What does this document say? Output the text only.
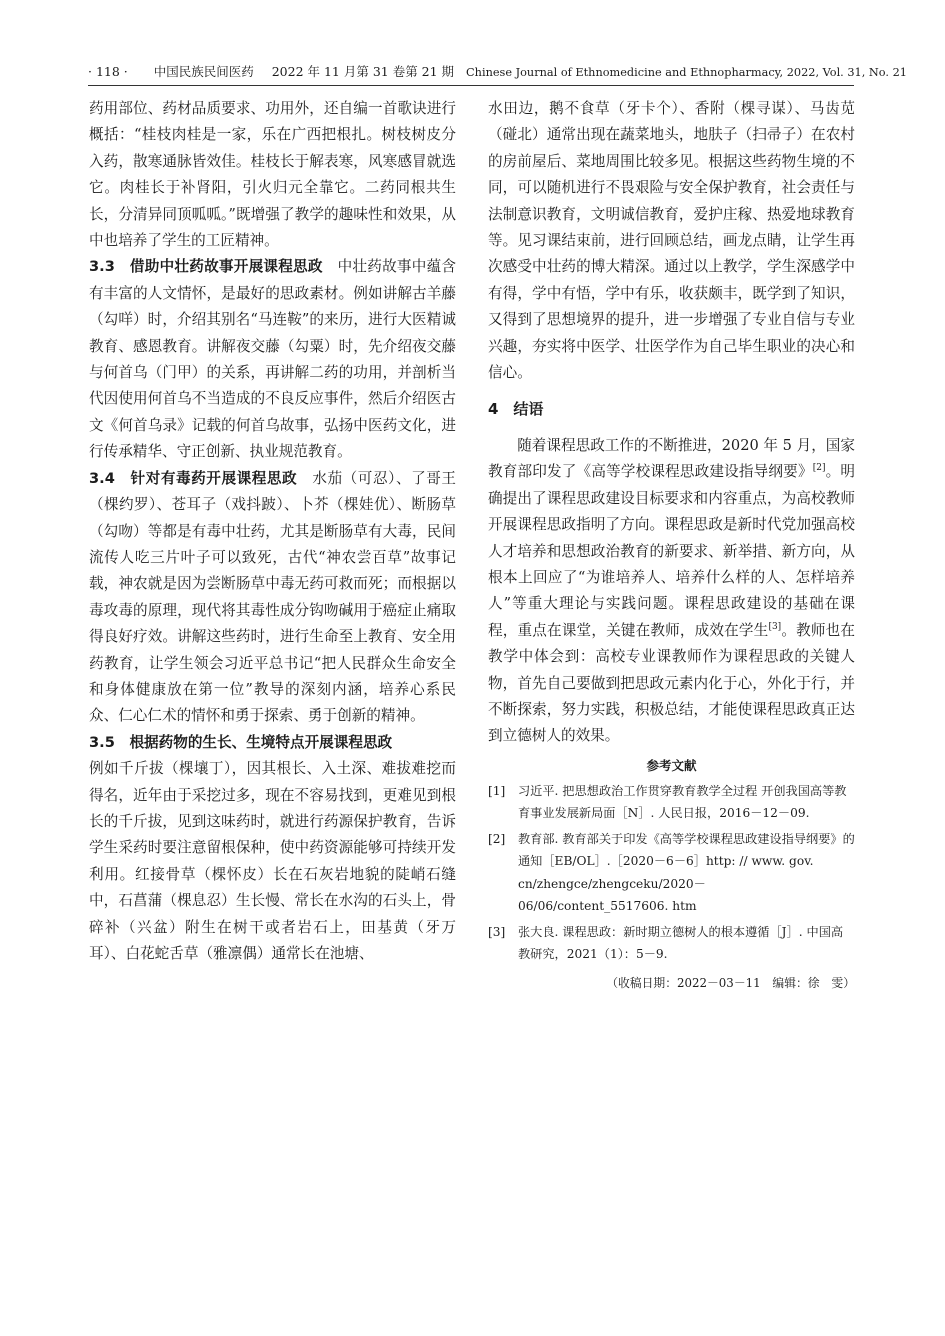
· 118 · 中国民族民间医药 2022 年 11 月第 31 卷第 21 期 Chinese Journal of Ethnomedicine and Ethnopharmacy, 2022, Vol. 31, No. 21

药用部位、药材品质要求、功用外，还自编一首歌诀进行概括：“桂枝肉桂是一家，乐在广西把根扎。树枝树皮分入药，散寒通脉皆效佳。桂枝长于解表寒，风寒感冒就选它。肉桂长于补肾阳，引火归元全靠它。二药同根共生长，分清异同顶呱呱。”既增强了教学的趣味性和效果，从中也培养了学生的工匠精神。

3.3　借助中壮药故事开展课程思政　 中壮药故事中蕴含有丰富的人文情怀，是最好的思政素材。例如讲解古羊藤（勾咩）时，介绍其别名“马连鞍”的来历，进行大医精诚教育、感恩教育。讲解夜交藤（勾粟）时，先介绍夜交藤与何首乌（门甲）的关系，再讲解二药的功用，并剖析当代因使用何首乌不当造成的不良反应事件，然后介绍医古文《何首乌录》记载的何首乌故事，弘扬中医药文化，进行传承精华、守正创新、执业规范教育。

3.4　针对有毒药开展课程思政　 水茄（可忍）、了哥王（棵约罗）、苍耳子（戏抖跛）、卜芥（棵娃优）、断肠草（勾吻）等都是有毒中壮药，尤其是断肠草有大毒，民间流传人吃三片叶子可以致死，古代“神农尝百草”故事记载，神农就是因为尝断肠草中毒无药可救而死；而根据以毒攻毒的原理，现代将其毒性成分钩吻碱用于癌症止痛取得良好疗效。讲解这些药时，进行生命至上教育、安全用药教育，让学生领会习近平总书记“把人民群众生命安全和身体健康放在第一位”教导的深刻内涵，培养心系民众、仁心仁术的情怀和勇于探索、勇于创新的精神。

3.5　根据药物的生长、生境特点开展课程思政

例如千斤拔（棵壤丁），因其根长、入土深、难拔难挖而得名，近年由于采挖过多，现在不容易找到，更难见到根长的千斤拔，见到这味药时，就进行药源保护教育，告诉学生采药时要注意留根保种，使中药资源能够可持续开发利用。红接骨草（棵怀皮）长在石灰岩地貌的陡峭石缝中，石菖蒲（棵息忍）生长慢、常长在水沟的石头上，骨碎补（兴盆）附生在树干或者岩石上，田基黄（牙万耳）、白花蛇舌草（雅凛偶）通常长在池塘、

水田边，鹅不食草（牙卡个）、香附（棵寻谋）、马齿苋（碰北）通常出现在蔬菜地头，地肤子（扫帚子）在农村的房前屋后、菜地周围比较多见。根据这些药物生境的不同，可以随机进行不畏艰险与安全保护教育，社会责任与法制意识教育，文明诚信教育，爱护庄稼、热爱地球教育等。见习课结束前，进行回顾总结，画龙点睛，让学生再次感受中壮药的博大精深。通过以上教学，学生深感学中有得，学中有悟，学中有乐，收获颇丰，既学到了知识，又得到了思想境界的提升，进一步增强了专业自信与专业兴趣，夯实将中医学、壮医学作为自己毕生职业的决心和信心。

4　结语

随着课程思政工作的不断推进，2020 年 5 月，国家教育部印发了《高等学校课程思政建设指导纲要》[2]。明确提出了课程思政建设目标要求和内容重点，为高校教师开展课程思政指明了方向。课程思政是新时代党加强高校人才培养和思想政治教育的新要求、新举措、新方向，从根本上回应了“为谁培养人、培养什么样的人、怎样培养人”等重大理论与实践问题。课程思政建设的基础在课程，重点在课堂，关键在教师，成效在学生[3]。教师也在教学中体会到：高校专业课教师作为课程思政的关键人物，首先自己要做到把思政元素内化于心，外化于行，并不断探索，努力实践，积极总结，才能使课程思政真正达到立德树人的效果。

参考文献

[1] 习近平. 把思想政治工作贯穿教育教学全过程 开创我国高等教育事业发展新局面［N］. 人民日报，2016－12－09.

[2] 教育部. 教育部关于印发《高等学校课程思政建设指导纲要》的通知［EB/OL］.［2020－6－6］http: // www. gov. cn/zhengce/zhengceku/2020－06/06/content_5517606. htm

[3] 张大良. 课程思政：新时期立德树人的根本遵循［J］. 中国高教研究，2021（1）：5－9.

（收稿日期：2022－03－11　编辑：徐　雯）
